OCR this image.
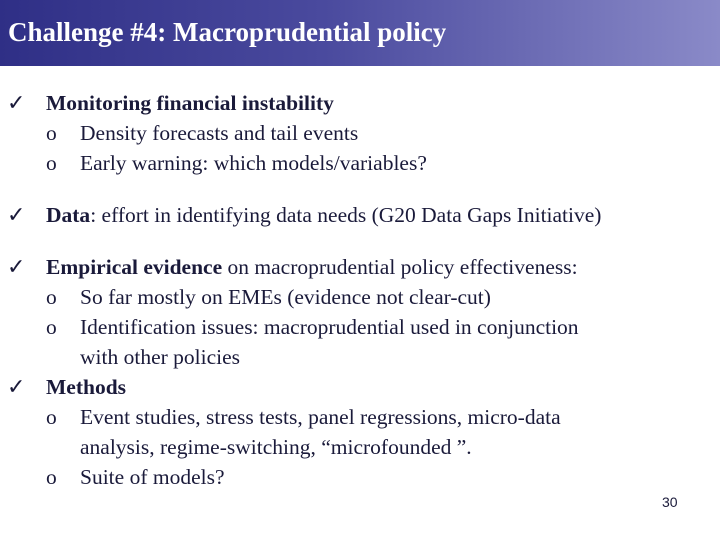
Challenge #4: Macroprudential policy
✓ Monitoring financial instability
o Density forecasts and tail events
o Early warning: which models/variables?
✓ Data: effort in identifying data needs (G20 Data Gaps Initiative)
✓ Empirical evidence on macroprudential policy effectiveness:
o So far mostly on EMEs (evidence not clear-cut)
o Identification issues: macroprudential used in conjunction
with other policies
✓ Methods
o Event studies, stress tests, panel regressions, micro-data
analysis, regime-switching, “microfounded ”.
o Suite of models?
30
